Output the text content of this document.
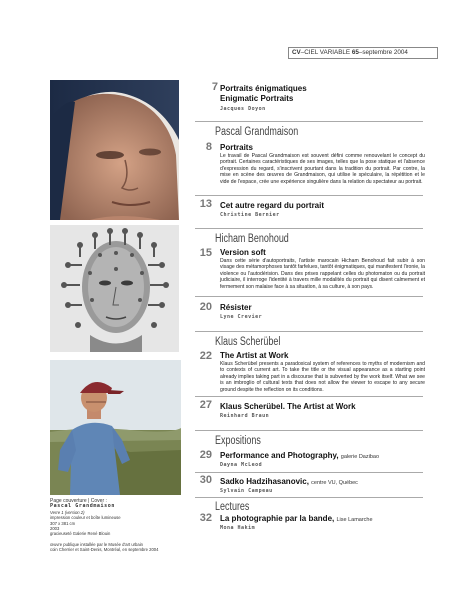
CV–CIEL VARIABLE 65–septembre 2004
7 Portraits énigmatiques
Enigmatic Portraits
Jacques Doyon
Pascal Grandmaison
8 Portraits
Le travail de Pascal Grandmaison est souvent défini comme renouvelant le concept du portrait. Certaines caractéristiques de ses images, telles que la pose statique et l'absence d'expression du regard, s'inscrivent pourtant dans la tradition du portrait. Par contre, la mise en scène des œuvres de Grandmaison, qui utilise le spéculaire, la répétition et le vide de l'espace, crée une expérience singulière dans la relation du spectateur au portrait.
13 Cet autre regard du portrait
Christine Bernier
Hicham Benohoud
15 Version soft
Dans cette série d'autoportraits, l'artiste marocain Hicham Benohoud fait subir à son visage des métamorphoses tantôt farfelues, tantôt énigmatiques, qui manifestent l'ironie, la violence ou l'autodérision. Dans des prises rappelant celles du photomaton ou du portrait judiciaire, il interroge l'identité à travers mille modalités du portrait qui disent calmement et fermement son malaise face à sa situation, à sa culture, à son pays.
20 Résister
Lyne Crevier
Klaus Scherübel
22 The Artist at Work
Klaus Scherübel presents a paradoxical system of references to myths of modernism and to contexts of current art. To take the title or the visual appearance as a starting point already implies taking part in a discourse that is subverted by the work itself. What we see is an imbroglio of cultural texts that does not allow the viewer to escape to any secure ground despite the reflection on its conditions.
27 Klaus Scherübel. The Artist at Work
Reinhard Braun
Expositions
29 Performance and Photography, galerie Dazibao
Dayna McLeod
30 Sadko Hadzihasanovic, centre VU, Québec
Sylvain Campeau
Lectures
32 La photographie par la bande, Lise Lamarche
Mona Hakim
Page couverture | Cover :
Pascal Grandmaison
Verre 1 (version 2)
impression couleur et boîte lumineuse
307 x 381 cm
2003
gracieuseté Galerie René Blouin
œuvre publique installée par le Musée d'art urbain
coin Cherrier et Saint-Denis, Montréal, en septembre 2004
